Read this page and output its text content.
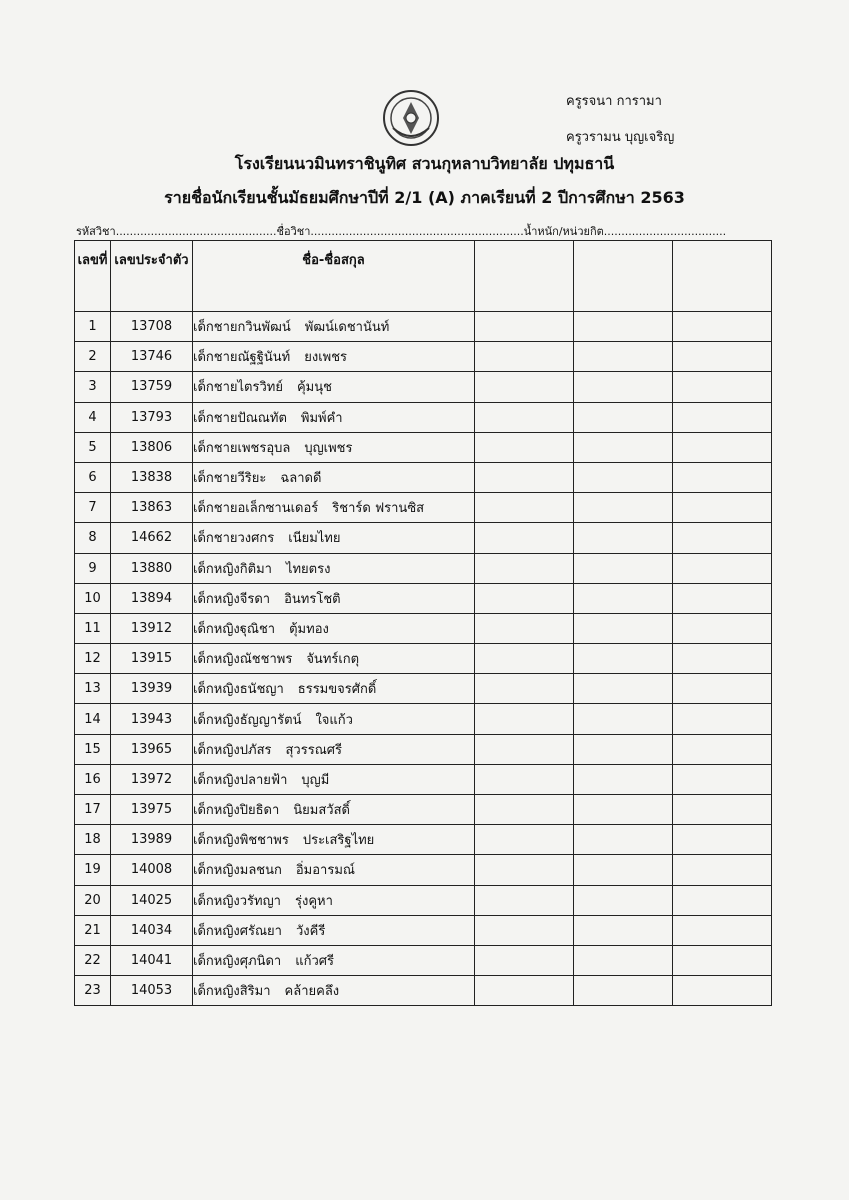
ครูรจนา การามา
ครูวรามน บุญเจริญ
โรงเรียนนวมินทราชินูทิศ สวนกุหลาบวิทยาลัย ปทุมธานี
รายชื่อนักเรียนชั้นมัธยมศึกษาปีที่ 2/1 (A) ภาคเรียนที่ 2 ปีการศึกษา 2563
รหัสวิชา..............................................ชื่อวิชา.............................................................น้ำหนัก/หน่วยกิต...................................
เลขที่	เลขประจำตัว	ชื่อ-ชื่อสกุล			
1	13708	เด็กชายกวินพัฒน์ พัฒน์เดชานันท์			
2	13746	เด็กชายณัฐฐินันท์ ยงเพชร			
3	13759	เด็กชายไตรวิทย์ คุ้มนุช			
4	13793	เด็กชายปัณณทัต พิมพ์คำ			
5	13806	เด็กชายเพชรอุบล บุญเพชร			
6	13838	เด็กชายวีริยะ ฉลาดดี			
7	13863	เด็กชายอเล็กซานเดอร์ ริชาร์ด ฟรานซิส			
8	14662	เด็กชายวงศกร เนียมไทย			
9	13880	เด็กหญิงกิติมา ไทยตรง			
10	13894	เด็กหญิงจีรดา อินทรโชติ			
11	13912	เด็กหญิงฐุณิชา ตุ้มทอง			
12	13915	เด็กหญิงณัชชาพร จันทร์เกตุ			
13	13939	เด็กหญิงธนัชญา ธรรมขจรศักดิ์			
14	13943	เด็กหญิงธัญญารัตน์ ใจแก้ว			
15	13965	เด็กหญิงปภัสร สุวรรณศรี			
16	13972	เด็กหญิงปลายฟ้า บุญมี			
17	13975	เด็กหญิงปิยธิดา นิยมสวัสดิ์			
18	13989	เด็กหญิงพิชชาพร ประเสริฐไทย			
19	14008	เด็กหญิงมลชนก อิ่มอารมณ์			
20	14025	เด็กหญิงวรัทญา รุ่งคูหา			
21	14034	เด็กหญิงศรัณยา วังคีรี			
22	14041	เด็กหญิงศุภนิดา แก้วศรี			
23	14053	เด็กหญิงสิริมา คล้ายคลึง			
